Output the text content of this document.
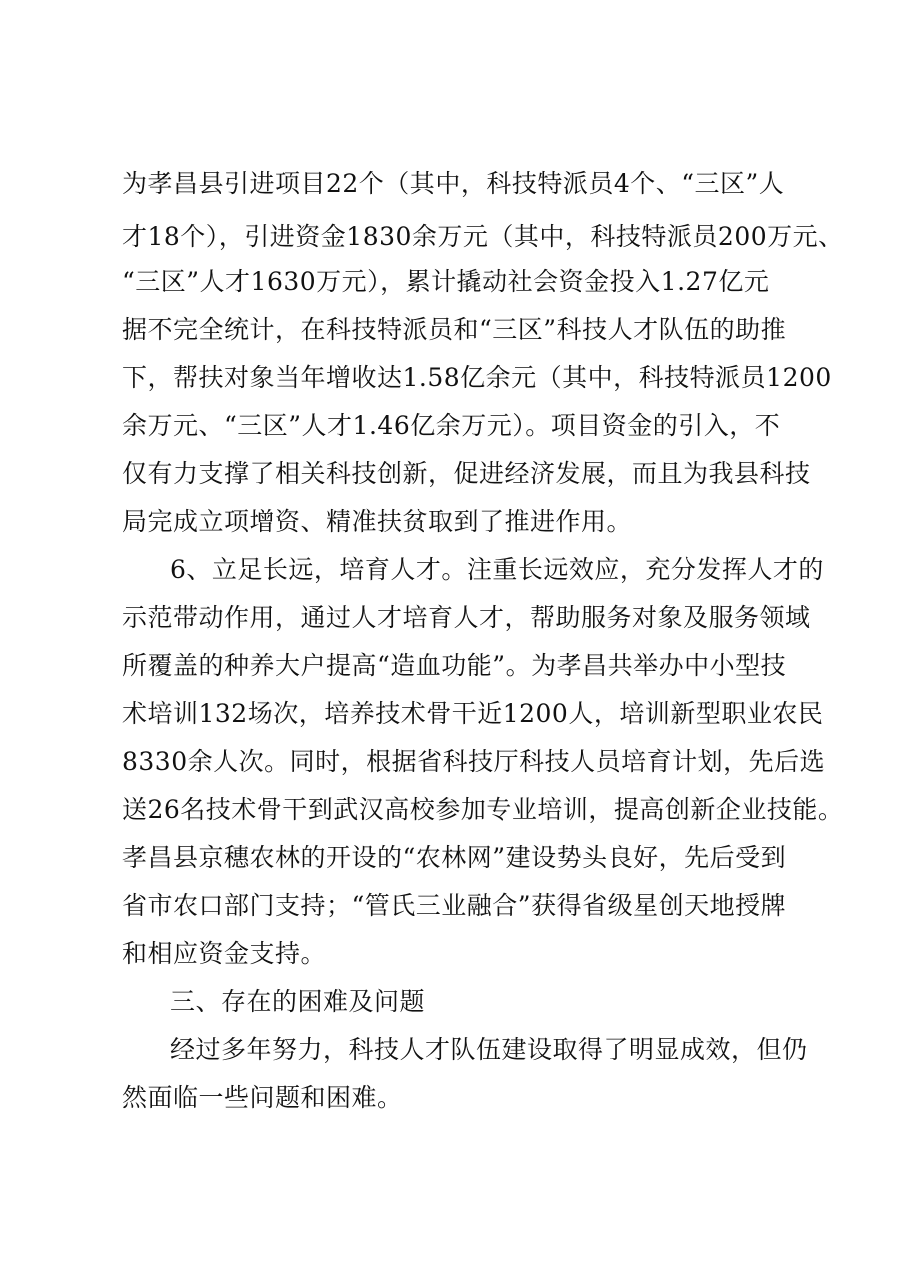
为孝昌县引进项目22个（其中，科技特派员4个、“三区”人
才18个），引进资金1830余万元（其中，科技特派员200万元、
“三区”人才1630万元），累计撬动社会资金投入1.27亿元
据不完全统计，在科技特派员和“三区”科技人才队伍的助推
下，帮扶对象当年增收达1.58亿余元（其中，科技特派员1200
余万元、“三区”人才1.46亿余万元）。项目资金的引入，不
仅有力支撑了相关科技创新，促进经济发展，而且为我县科技
局完成立项增资、精准扶贫取到了推进作用。
6、立足长远，培育人才。注重长远效应，充分发挥人才的
示范带动作用，通过人才培育人才，帮助服务对象及服务领域
所覆盖的种养大户提高“造血功能”。为孝昌共举办中小型技
术培训132场次，培养技术骨干近1200人，培训新型职业农民
8330余人次。同时，根据省科技厅科技人员培育计划，先后选
送26名技术骨干到武汉高校参加专业培训，提高创新企业技能。
孝昌县京穗农林的开设的“农林网”建设势头良好，先后受到
省市农口部门支持；“管氏三业融合”获得省级星创天地授牌
和相应资金支持。
三、存在的困难及问题
经过多年努力，科技人才队伍建设取得了明显成效，但仍
然面临一些问题和困难。
